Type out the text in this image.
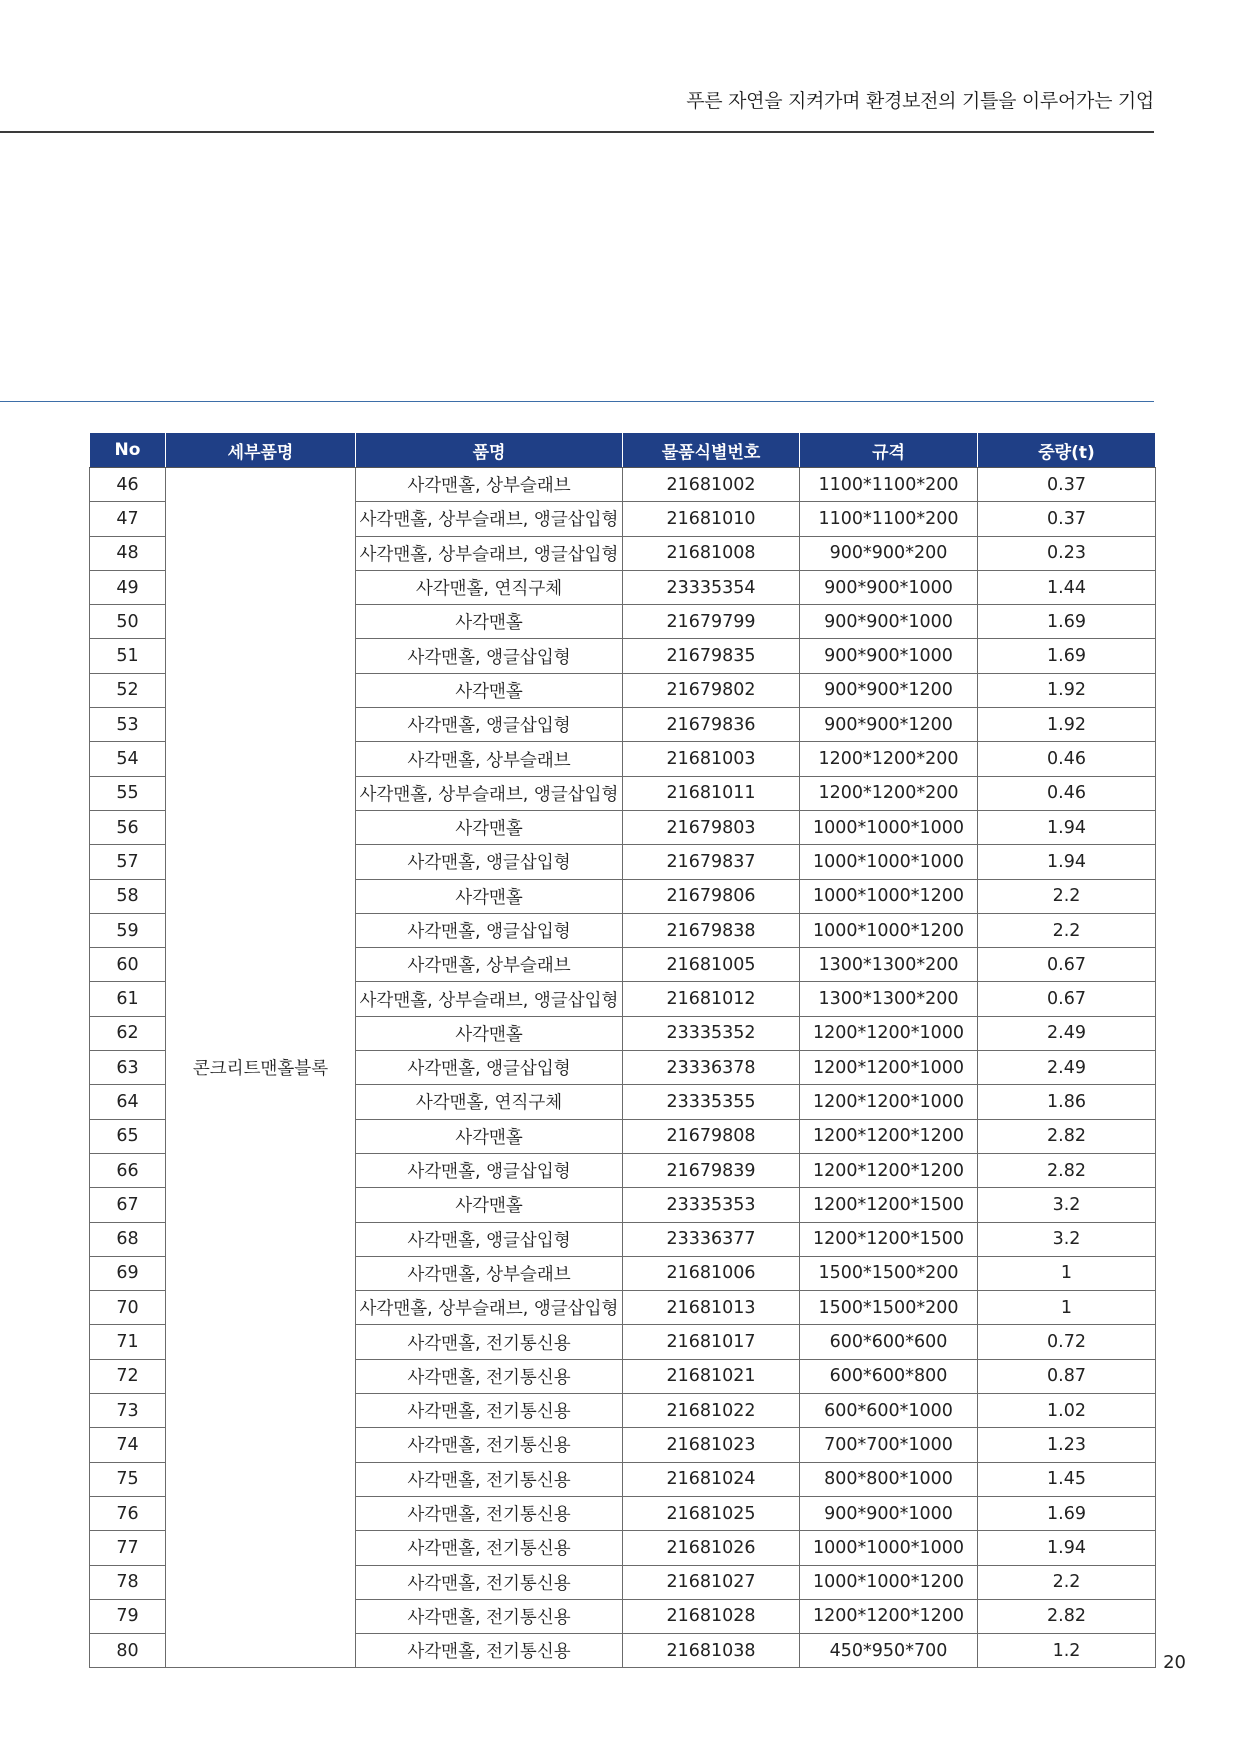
푸른 자연을 지켜가며 환경보전의 기틀을 이루어가는 기업
No	세부품명	품명	물품식별번호	규격	중량(t)
46	콘크리트맨홀블록	사각맨홀, 상부슬래브	21681002	1100*1100*200	0.37
47		사각맨홀, 상부슬래브, 앵글삽입형	21681010	1100*1100*200	0.37
48		사각맨홀, 상부슬래브, 앵글삽입형	21681008	900*900*200	0.23
49		사각맨홀, 연직구체	23335354	900*900*1000	1.44
50		사각맨홀	21679799	900*900*1000	1.69
51		사각맨홀, 앵글삽입형	21679835	900*900*1000	1.69
52		사각맨홀	21679802	900*900*1200	1.92
53		사각맨홀, 앵글삽입형	21679836	900*900*1200	1.92
54		사각맨홀, 상부슬래브	21681003	1200*1200*200	0.46
55		사각맨홀, 상부슬래브, 앵글삽입형	21681011	1200*1200*200	0.46
56		사각맨홀	21679803	1000*1000*1000	1.94
57		사각맨홀, 앵글삽입형	21679837	1000*1000*1000	1.94
58		사각맨홀	21679806	1000*1000*1200	2.2
59		사각맨홀, 앵글삽입형	21679838	1000*1000*1200	2.2
60		사각맨홀, 상부슬래브	21681005	1300*1300*200	0.67
61		사각맨홀, 상부슬래브, 앵글삽입형	21681012	1300*1300*200	0.67
62		사각맨홀	23335352	1200*1200*1000	2.49
63		사각맨홀, 앵글삽입형	23336378	1200*1200*1000	2.49
64		사각맨홀, 연직구체	23335355	1200*1200*1000	1.86
65		사각맨홀	21679808	1200*1200*1200	2.82
66		사각맨홀, 앵글삽입형	21679839	1200*1200*1200	2.82
67		사각맨홀	23335353	1200*1200*1500	3.2
68		사각맨홀, 앵글삽입형	23336377	1200*1200*1500	3.2
69		사각맨홀, 상부슬래브	21681006	1500*1500*200	1
70		사각맨홀, 상부슬래브, 앵글삽입형	21681013	1500*1500*200	1
71		사각맨홀, 전기통신용	21681017	600*600*600	0.72
72		사각맨홀, 전기통신용	21681021	600*600*800	0.87
73		사각맨홀, 전기통신용	21681022	600*600*1000	1.02
74		사각맨홀, 전기통신용	21681023	700*700*1000	1.23
75		사각맨홀, 전기통신용	21681024	800*800*1000	1.45
76		사각맨홀, 전기통신용	21681025	900*900*1000	1.69
77		사각맨홀, 전기통신용	21681026	1000*1000*1000	1.94
78		사각맨홀, 전기통신용	21681027	1000*1000*1200	2.2
79		사각맨홀, 전기통신용	21681028	1200*1200*1200	2.82
80		사각맨홀, 전기통신용	21681038	450*950*700	1.2
20
